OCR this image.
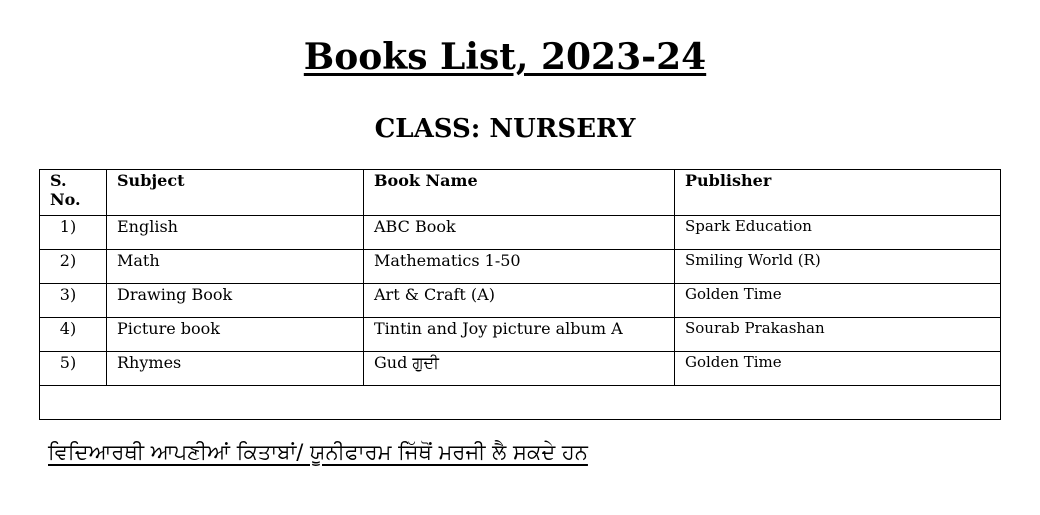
Books List, 2023-24
CLASS: NURSERY
S. No.	Subject	Book Name	Publisher
1)	English	ABC Book	Spark Education
2)	Math	Mathematics 1-50	Smiling World (R)
3)	Drawing Book	Art & Craft (A)	Golden Time
4)	Picture book	Tintin and Joy picture album A	Sourab Prakashan
5)	Rhymes	Gud ਗੁਦੀ	Golden Time

ਵਿਦਿਆਰਥੀ ਆਪਣੀਆਂ ਕਿਤਾਬਾਂ/ ਯੂਨੀਫਾਰਮ ਜਿੱਥੋਂ ਮਰਜੀ ਲੈ ਸਕਦੇ ਹਨ
